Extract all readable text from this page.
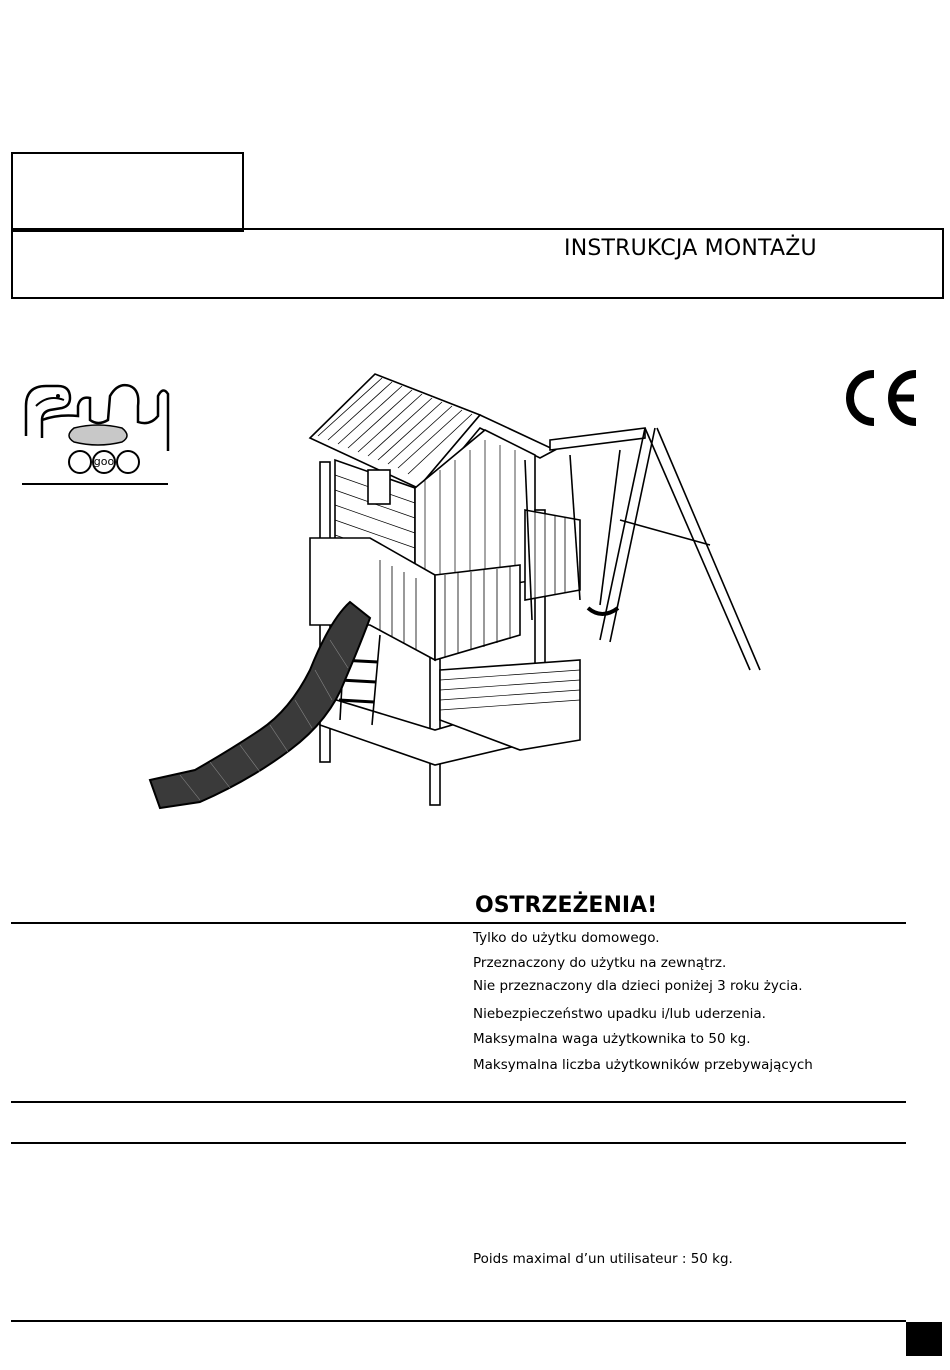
INSTRUKCJA MONTAŻU
goo
OSTRZEŻENIA!
Tylko do użytku domowego.
Przeznaczony do użytku na zewnątrz.
Nie przeznaczony dla dzieci poniżej 3 roku życia.
Niebezpieczeństwo upadku i/lub uderzenia.
Maksymalna waga użytkownika to 50 kg.
Maksymalna liczba użytkowników przebywających
Poids maximal d’un utilisateur : 50 kg.
